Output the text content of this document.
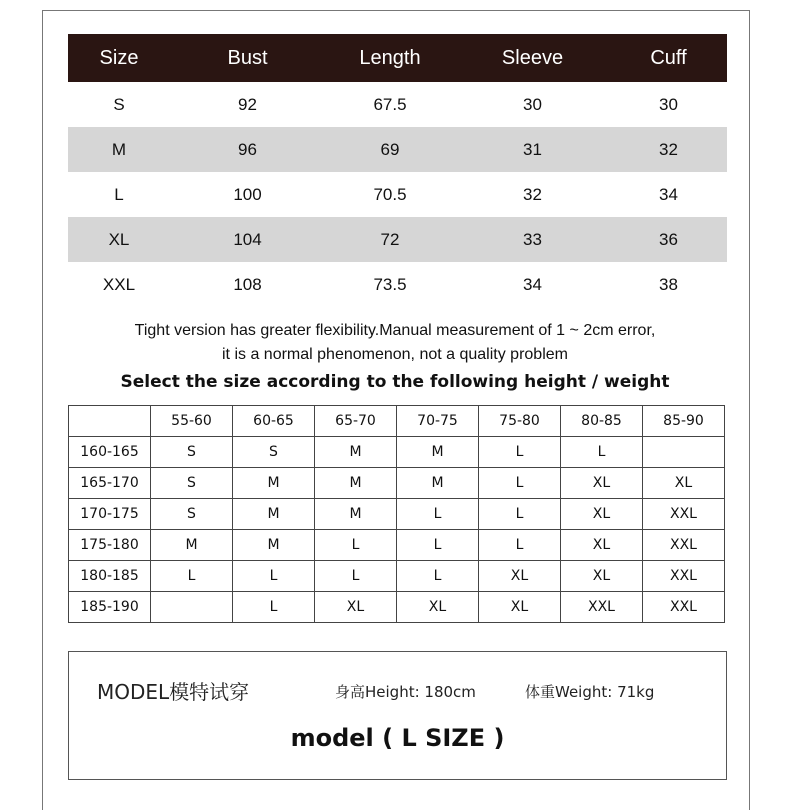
Size	Bust	Length	Sleeve	Cuff
S	92	67.5	30	30
M	96	69	31	32
L	100	70.5	32	34
XL	104	72	33	36
XXL	108	73.5	34	38
Tight version has greater flexibility.Manual measurement of 1 ~ 2cm error,
it is a normal phenomenon, not a quality problem
Select the size according to the following height / weight
	55-60	60-65	65-70	70-75	75-80	80-85	85-90
160-165	S	S	M	M	L	L	
165-170	S	M	M	M	L	XL	XL
170-175	S	M	M	L	L	XL	XXL
175-180	M	M	L	L	L	XL	XXL
180-185	L	L	L	L	XL	XL	XXL
185-190		L	XL	XL	XL	XXL	XXL
MODEL模特试穿	身高Height: 180cm	体重Weight: 71kg
model ( L SIZE )
